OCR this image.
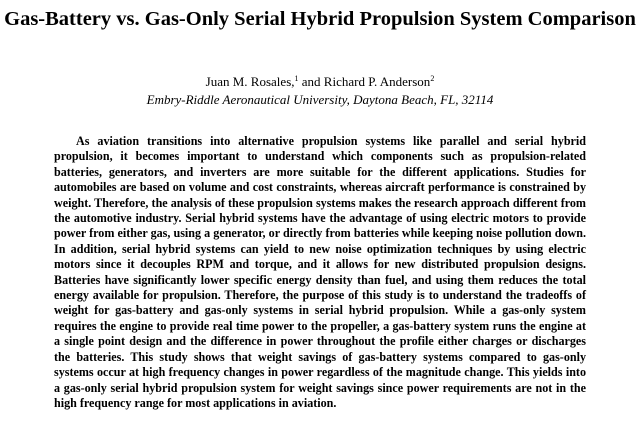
Gas-Battery vs. Gas-Only Serial Hybrid Propulsion System Comparison
Juan M. Rosales,$^1$ and Richard P. Anderson$^2$
Embry-Riddle Aeronautical University, Daytona Beach, FL, 32114

As aviation transitions into alternative propulsion systems like parallel and serial hybrid propulsion, it becomes important to understand which components such as propulsion-related batteries, generators, and inverters are more suitable for the different applications. Studies for automobiles are based on volume and cost constraints, whereas aircraft performance is constrained by weight. Therefore, the analysis of these propulsion systems makes the research approach different from the automotive industry. Serial hybrid systems have the advantage of using electric motors to provide power from either gas, using a generator, or directly from batteries while keeping noise pollution down. In addition, serial hybrid systems can yield to new noise optimization techniques by using electric motors since it decouples RPM and torque, and it allows for new distributed propulsion designs. Batteries have significantly lower specific energy density than fuel, and using them reduces the total energy available for propulsion. Therefore, the purpose of this study is to understand the tradeoffs of weight for gas-battery and gas-only systems in serial hybrid propulsion. While a gas-only system requires the engine to provide real time power to the propeller, a gas-battery system runs the engine at a single point design and the difference in power throughout the profile either charges or discharges the batteries. This study shows that weight savings of gas-battery systems compared to gas-only systems occur at high frequency changes in power regardless of the magnitude change. This yields into a gas-only serial hybrid propulsion system for weight savings since power requirements are not in the high frequency range for most applications in aviation.
